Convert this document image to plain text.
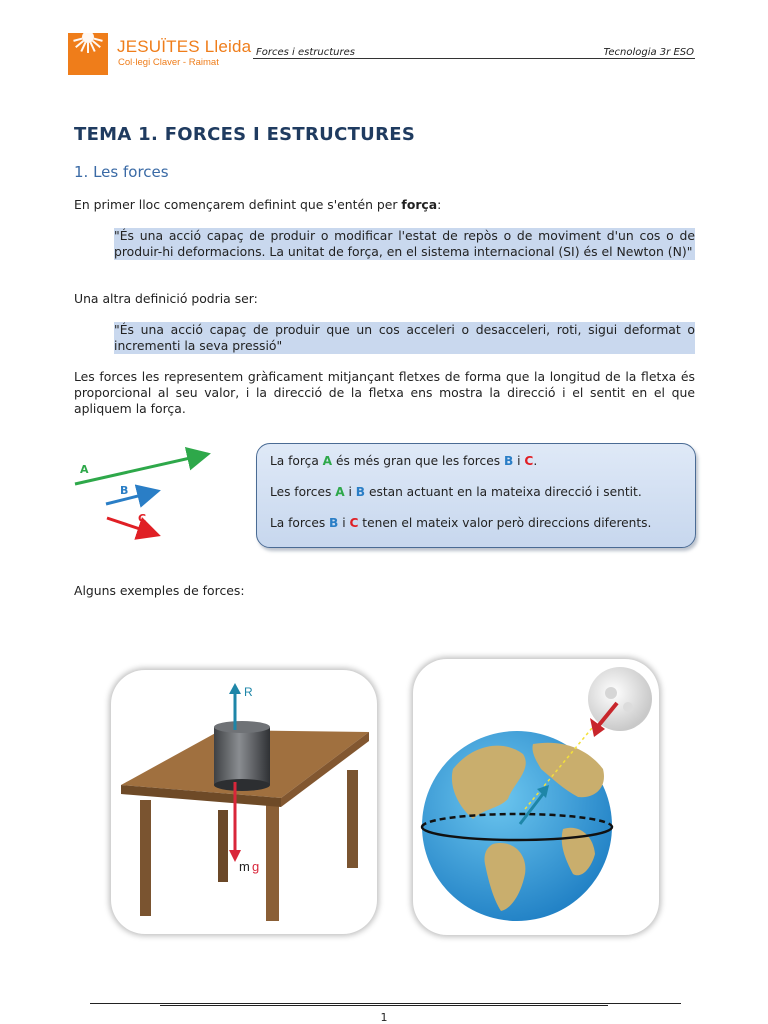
JESUÏTES Lleida
Col·legi Claver - Raimat
Forces i estructures	Tecnologia 3r ESO
TEMA 1. FORCES I ESTRUCTURES
1. Les forces
En primer lloc començarem definint que s'entén per força:
"És una acció capaç de produir o modificar l'estat de repòs o de moviment d'un cos o de produir-hi deformacions. La unitat de força, en el sistema internacional (SI) és el Newton (N)"
Una altra definició podria ser:
"És una acció capaç de produir que un cos acceleri o desacceleri, roti, sigui deformat o incrementi la seva pressió"
Les forces les representem gràficament mitjançant fletxes de forma que la longitud de la fletxa és proporcional al seu valor, i la direcció de la fletxa ens mostra la direcció i el sentit en el que apliquem la força.
A
B
C
La força A és més gran que les forces B i C.
Les forces A i B estan actuant en la mateixa direcció i sentit.
La forces B i C tenen el mateix valor però direccions diferents.
Alguns exemples de forces:
R
m g
1
